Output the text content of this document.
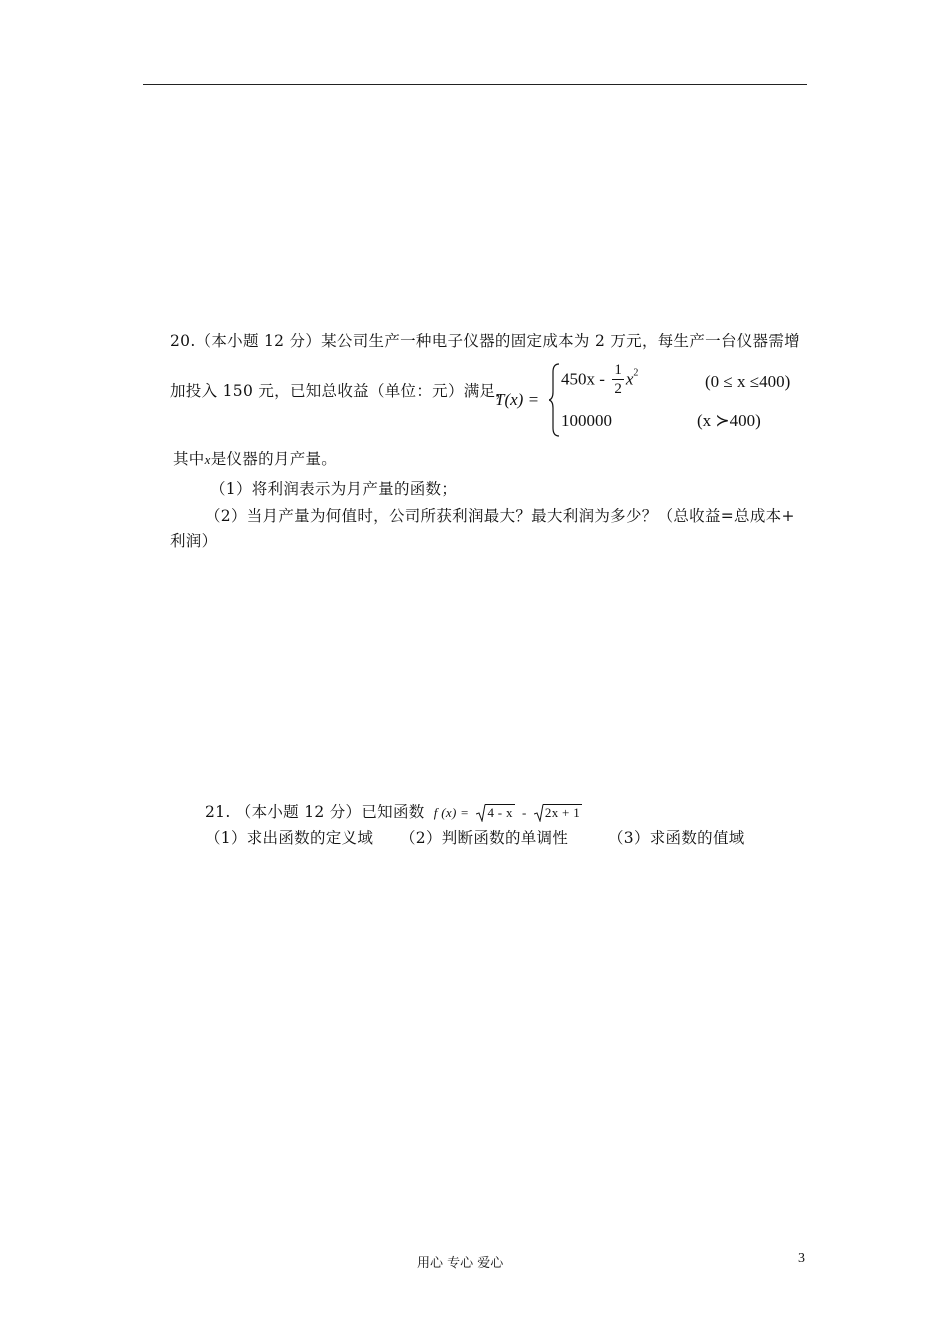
20.（本小题 12 分）某公司生产一种电子仪器的固定成本为 2 万元，每生产一台仪器需增
加投入 150 元，已知总收益（单位：元）满足，
T(x) =
$450x - \frac{1}{2} x^2$	(0 ≤ x ≤400)
100000	(x ≻400)
其中x是仪器的月产量。
（1）将利润表示为月产量的函数；
（2）当月产量为何值时，公司所获利润最大？最大利润为多少？（总收益=总成本+
利润）
21. （本小题 12 分）已知函数 f (x) = 4 - x - 2x + 1
（1）求出函数的定义域 （2）判断函数的单调性	（3）求函数的值域
用心 专心 爱心	3
